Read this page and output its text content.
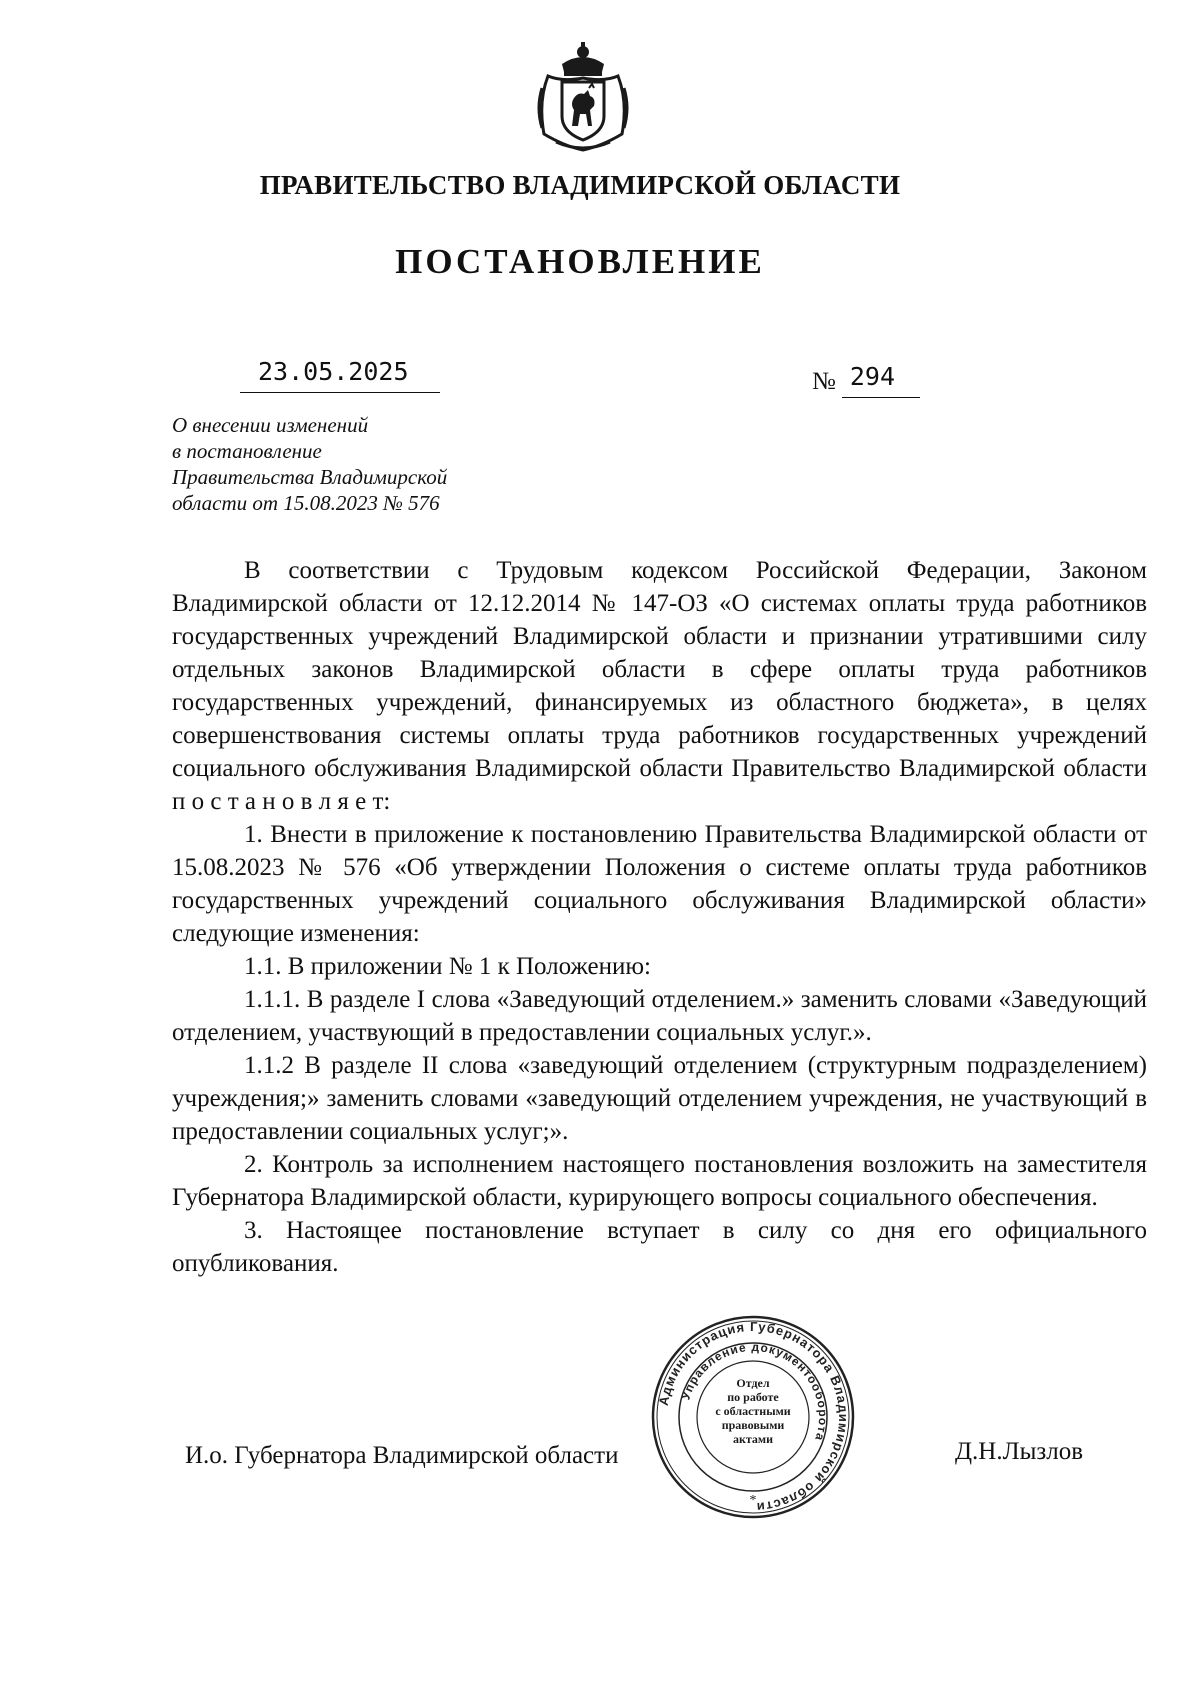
ПРАВИТЕЛЬСТВО ВЛАДИМИРСКОЙ ОБЛАСТИ
ПОСТАНОВЛЕНИЕ
23.05.2025	№ 294
О внесении изменений
в постановление
Правительства Владимирской
области от 15.08.2023 № 576

В соответствии с Трудовым кодексом Российской Федерации, Законом Владимирской области от 12.12.2014 № 147-ОЗ «О системах оплаты труда работников государственных учреждений Владимирской области и признании утратившими силу отдельных законов Владимирской области в сфере оплаты труда работников государственных учреждений, финансируемых из областного бюджета», в целях совершенствования системы оплаты труда работников государственных учреждений социального обслуживания Владимирской области Правительство Владимирской области п о с т а н о в л я е т:

1. Внести в приложение к постановлению Правительства Владимирской области от 15.08.2023 № 576 «Об утверждении Положения о системе оплаты труда работников государственных учреждений социального обслуживания Владимирской области» следующие изменения:

1.1. В приложении № 1 к Положению:

1.1.1. В разделе I слова «Заведующий отделением.» заменить словами «Заведующий отделением, участвующий в предоставлении социальных услуг.».

1.1.2 В разделе II слова «заведующий отделением (структурным подразделением) учреждения;» заменить словами «заведующий отделением учреждения, не участвующий в предоставлении социальных услуг;».

2. Контроль за исполнением настоящего постановления возложить на заместителя Губернатора Владимирской области, курирующего вопросы социального обеспечения.

3. Настоящее постановление вступает в силу со дня его официального опубликования.

И.о. Губернатора Владимирской области	Д.Н.Лызлов
Администрация Губернатора Владимирской области
Управление документооборота
*
Отдел
по работе
с областными
правовыми
актами
